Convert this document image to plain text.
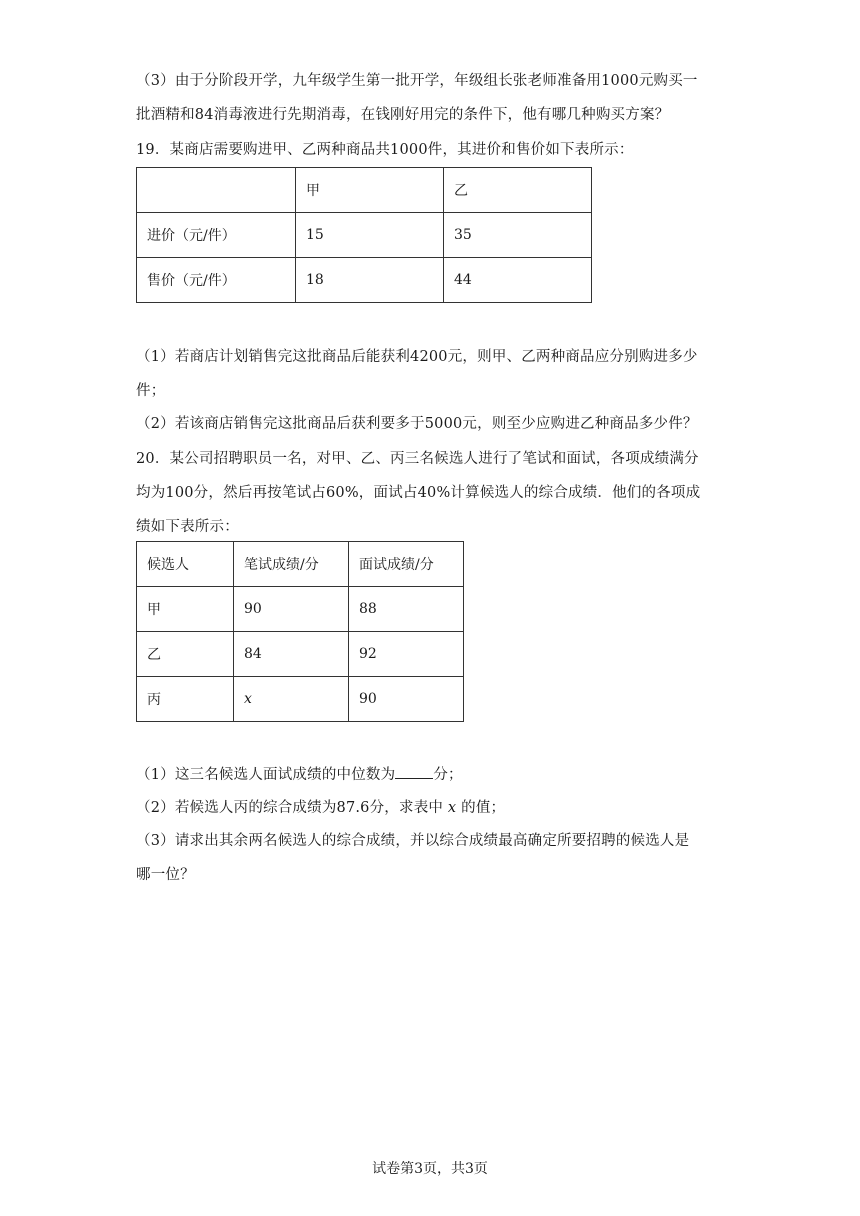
（3）由于分阶段开学，九年级学生第一批开学，年级组长张老师准备用1000元购买一
批酒精和84消毒液进行先期消毒，在钱刚好用完的条件下，他有哪几种购买方案？
19．某商店需要购进甲、乙两种商品共1000件，其进价和售价如下表所示：
	甲	乙
进价（元/件）	15	35
售价（元/件）	18	44
（1）若商店计划销售完这批商品后能获利4200元，则甲、乙两种商品应分别购进多少
件；
（2）若该商店销售完这批商品后获利要多于5000元，则至少应购进乙种商品多少件？
20．某公司招聘职员一名，对甲、乙、丙三名候选人进行了笔试和面试，各项成绩满分
均为100分，然后再按笔试占60%，面试占40%计算候选人的综合成绩．他们的各项成
绩如下表所示：
候选人	笔试成绩/分	面试成绩/分
甲	90	88
乙	84	92
丙	x	90
（1）这三名候选人面试成绩的中位数为	分；
（2）若候选人丙的综合成绩为87.6分，求表中 x 的值；
（3）请求出其余两名候选人的综合成绩，并以综合成绩最高确定所要招聘的候选人是
哪一位？
试卷第3页，共3页
